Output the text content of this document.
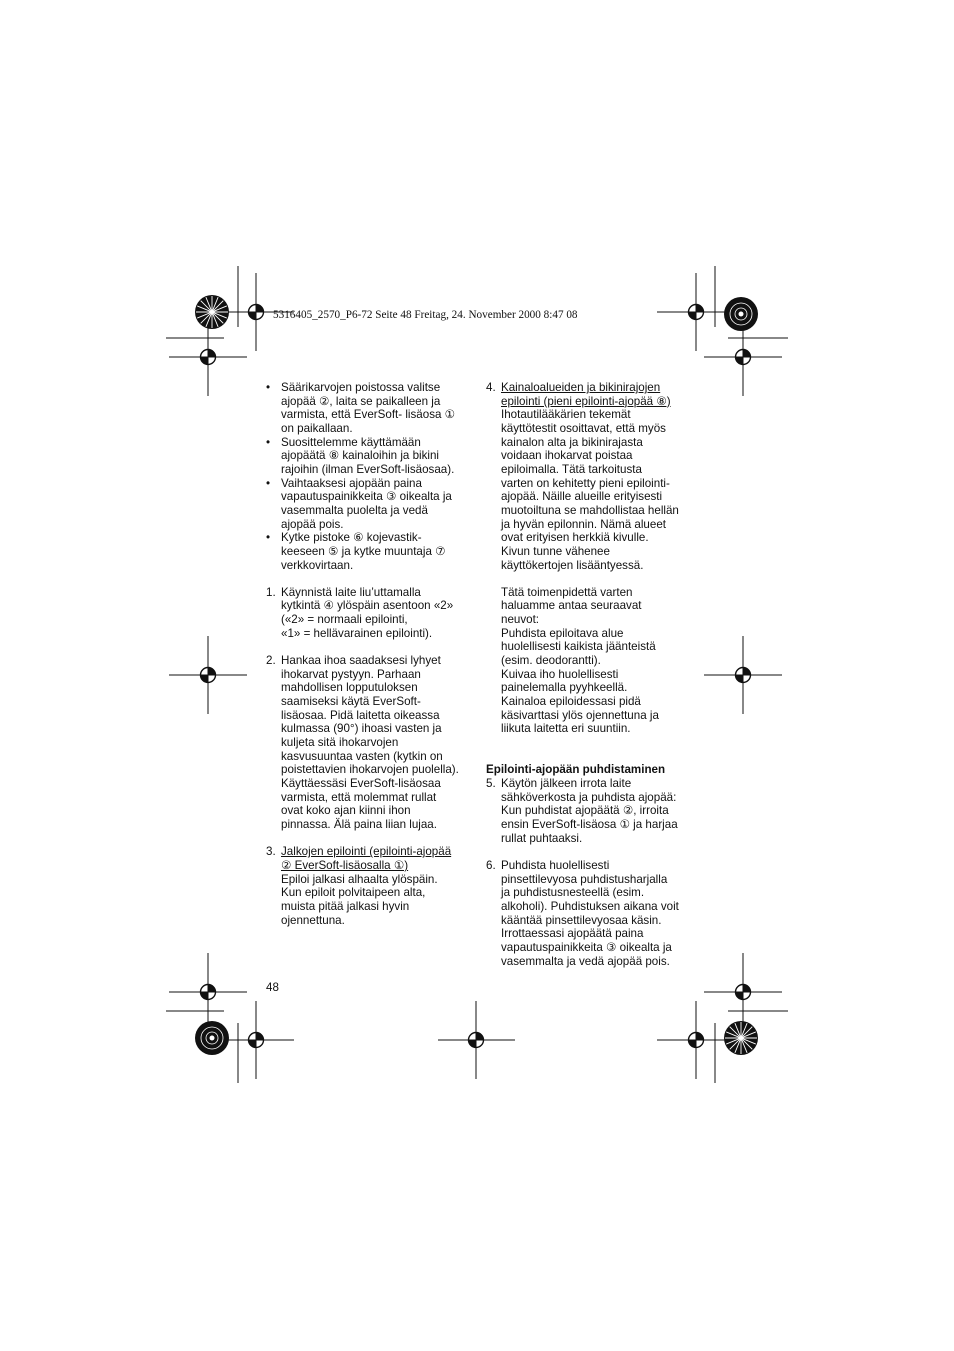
5316405_2570_P6-72 Seite 48 Freitag, 24. November 2000 8:47 08
• Säärikarvojen poistossa valitse
ajopää ②, laita se paikalleen ja
varmista, että EverSoft- lisäosa ①
on paikallaan.
• Suosittelemme käyttämään
ajopäätä ⑧ kainaloihin ja bikini
rajoihin (ilman EverSoft-lisäosaa).
• Vaihtaaksesi ajopään paina
vapautuspainikkeita ③ oikealta ja
vasemmalta puolelta ja vedä
ajopää pois.
• Kytke pistoke ⑥ kojevastik-
keeseen ⑤ ja kytke muuntaja ⑦
verkkovirtaan.
1. Käynnistä laite liu’uttamalla
kytkintä ④ ylöspäin asentoon «2»
(«2» = normaali epilointi,
«1» = hellävarainen epilointi).
2. Hankaa ihoa saadaksesi lyhyet
ihokarvat pystyyn. Parhaan
mahdollisen lopputuloksen
saamiseksi käytä EverSoft-
lisäosaa. Pidä laitetta oikeassa
kulmassa (90°) ihoasi vasten ja
kuljeta sitä ihokarvojen
kasvusuuntaa vasten (kytkin on
poistettavien ihokarvojen puolella).
Käyttäessäsi EverSoft-lisäosaa
varmista, että molemmat rullat
ovat koko ajan kiinni ihon
pinnassa. Älä paina liian lujaa.
3. Jalkojen epilointi (epilointi-ajopää
② EverSoft-lisäosalla ①)
Epiloi jalkasi alhaalta ylöspäin.
Kun epiloit polvitaipeen alta,
muista pitää jalkasi hyvin
ojennettuna.
4. Kainaloalueiden ja bikinirajojen
epilointi (pieni epilointi-ajopää ⑧)
Ihotautilääkärien tekemät
käyttötestit osoittavat, että myös
kainalon alta ja bikinirajasta
voidaan ihokarvat poistaa
epiloimalla. Tätä tarkoitusta
varten on kehitetty pieni epilointi-
ajopää. Näille alueille erityisesti
muotoiltuna se mahdollistaa hellän
ja hyvän epilonnin. Nämä alueet
ovat erityisen herkkiä kivulle.
Kivun tunne vähenee
käyttökertojen lisääntyessä.
Tätä toimenpidettä varten
haluamme antaa seuraavat
neuvot:
Puhdista epiloitava alue
huolellisesti kaikista jäänteistä
(esim. deodorantti).
Kuivaa iho huolellisesti
painelemalla pyyhkeellä.
Kainaloa epiloidessasi pidä
käsivarttasi ylös ojennettuna ja
liikuta laitetta eri suuntiin.
Epilointi-ajopään puhdistaminen
5. Käytön jälkeen irrota laite
sähköverkosta ja puhdista ajopää:
Kun puhdistat ajopäätä ②, irroita
ensin EverSoft-lisäosa ① ja harjaa
rullat puhtaaksi.
6. Puhdista huolellisesti
pinsettilevyosa puhdistusharjalla
ja puhdistusnesteellä (esim.
alkoholi). Puhdistuksen aikana voit
kääntää pinsettilevyosaa käsin.
Irrottaessasi ajopäätä paina
vapautuspainikkeita ③ oikealta ja
vasemmalta ja vedä ajopää pois.
48
